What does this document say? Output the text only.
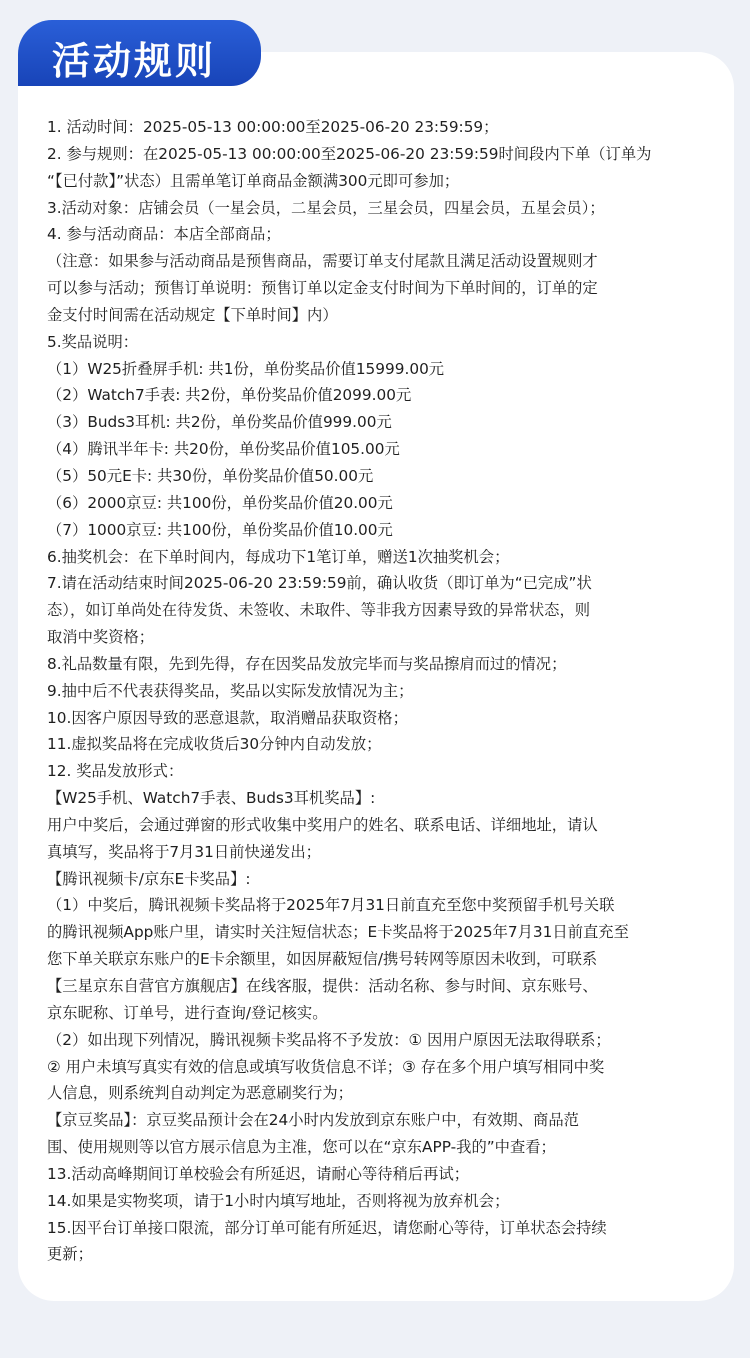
活动规则
1. 活动时间：2025-05-13 00:00:00至2025-06-20 23:59:59；
2. 参与规则：在2025-05-13 00:00:00至2025-06-20 23:59:59时间段内下单（订单为
“【已付款】”状态）且需单笔订单商品金额满300元即可参加；
3.活动对象：店铺会员（一星会员，二星会员，三星会员，四星会员，五星会员）；
4. 参与活动商品：本店全部商品；
（注意：如果参与活动商品是预售商品，需要订单支付尾款且满足活动设置规则才
可以参与活动；预售订单说明：预售订单以定金支付时间为下单时间的，订单的定
金支付时间需在活动规定【下单时间】内）
5.奖品说明：
（1）W25折叠屏手机: 共1份，单份奖品价值15999.00元
（2）Watch7手表: 共2份，单份奖品价值2099.00元
（3）Buds3耳机: 共2份，单份奖品价值999.00元
（4）腾讯半年卡: 共20份，单份奖品价值105.00元
（5）50元E卡: 共30份，单份奖品价值50.00元
（6）2000京豆: 共100份，单份奖品价值20.00元
（7）1000京豆: 共100份，单份奖品价值10.00元
6.抽奖机会：在下单时间内，每成功下1笔订单，赠送1次抽奖机会；
7.请在活动结束时间2025-06-20 23:59:59前，确认收货（即订单为“已完成”状
态），如订单尚处在待发货、未签收、未取件、等非我方因素导致的异常状态，则
取消中奖资格；
8.礼品数量有限，先到先得，存在因奖品发放完毕而与奖品擦肩而过的情况；
9.抽中后不代表获得奖品，奖品以实际发放情况为主；
10.因客户原因导致的恶意退款，取消赠品获取资格；
11.虚拟奖品将在完成收货后30分钟内自动发放；
12. 奖品发放形式：
【W25手机、Watch7手表、Buds3耳机奖品】:
用户中奖后，会通过弹窗的形式收集中奖用户的姓名、联系电话、详细地址，请认
真填写，奖品将于7月31日前快递发出；
【腾讯视频卡/京东E卡奖品】:
（1）中奖后，腾讯视频卡奖品将于2025年7月31日前直充至您中奖预留手机号关联
的腾讯视频App账户里，请实时关注短信状态；E卡奖品将于2025年7月31日前直充至
您下单关联京东账户的E卡余额里，如因屏蔽短信/携号转网等原因未收到，可联系
【三星京东自营官方旗舰店】在线客服，提供：活动名称、参与时间、京东账号、
京东昵称、订单号，进行查询/登记核实。
（2）如出现下列情况，腾讯视频卡奖品将不予发放：① 因用户原因无法取得联系；
② 用户未填写真实有效的信息或填写收货信息不详；③ 存在多个用户填写相同中奖
人信息，则系统判自动判定为恶意刷奖行为；
【京豆奖品】：京豆奖品预计会在24小时内发放到京东账户中，有效期、商品范
围、使用规则等以官方展示信息为主准，您可以在“京东APP-我的”中查看；
13.活动高峰期间订单校验会有所延迟，请耐心等待稍后再试；
14.如果是实物奖项，请于1小时内填写地址，否则将视为放弃机会；
15.因平台订单接口限流，部分订单可能有所延迟，请您耐心等待，订单状态会持续
更新；
